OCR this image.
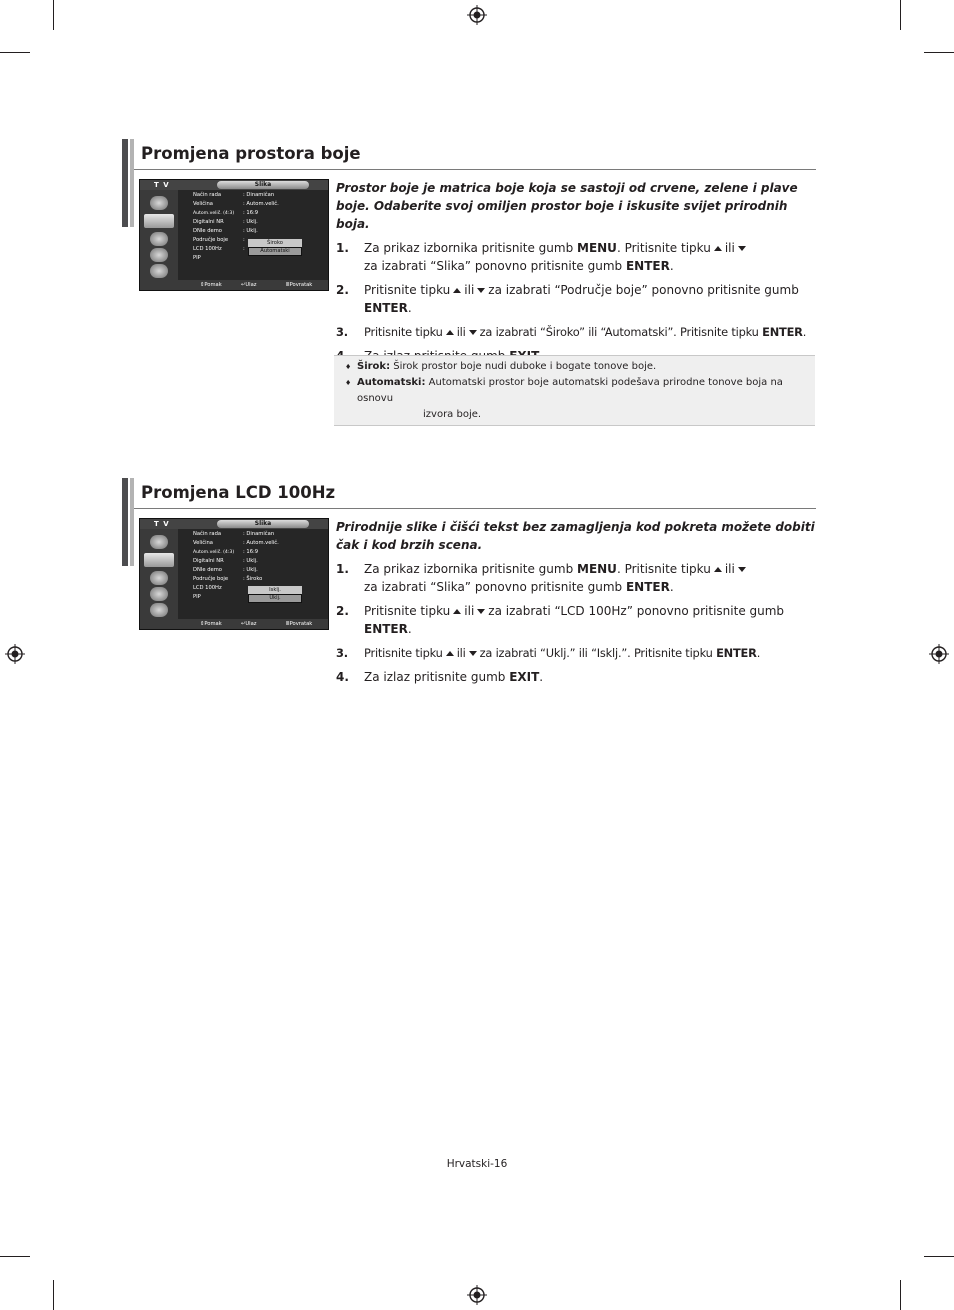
Promjena prostora boje
T V	Slika
Način rada	: Dinamičan
Veličina	: Autom.velič.
Autom.velič. (4:3) : 16:9
Digitalni NR	: Uklj.
DNIe demo	: Uklj.
Područje boje	:
LCD 100Hz	:
PIP
Široko
Automatski
⇕ Pomak	↵ Ulaz	Ⅲ Povratak

Prostor boje je matrica boje koja se sastoji od crvene, zelene i plave boje. Odaberite svoj omiljen prostor boje i iskusite svijet prirodnih boja.

1. Za prikaz izbornika pritisnite gumb MENU. Pritisnite tipku ili
za izabrati “Slika” ponovno pritisnite gumb ENTER.
2. Pritisnite tipku ili za izabrati “Područje boje” ponovno pritisnite gumb
ENTER.
3. Pritisnite tipku ili za izabrati “Široko” ili “Automatski”. Pritisnite tipku ENTER.
♦ Širok: Širok prostor boje nudi duboke i bogate tonove boje.
♦ Automatski: Automatski prostor boje automatski podešava prirodne tonove boja na osnovu
izvora boje.
Promjena LCD 100Hz
T V	Slika
Način rada	: Dinamičan
Veličina	: Autom.velič.
Autom.velič. (4:3) : 16:9
Digitalni NR	: Uklj.
DNIe demo	: Uklj.
Područje boje	: Široko
LCD 100Hz
PIP
Isklj.
Uklj.
⇕ Pomak	↵ Ulaz	Ⅲ Povratak

Prirodnije slike i čišći tekst bez zamagljenja kod pokreta možete dobiti čak i kod brzih scena.

1. Za prikaz izbornika pritisnite gumb MENU. Pritisnite tipku ili
za izabrati “Slika” ponovno pritisnite gumb ENTER.
2. Pritisnite tipku ili za izabrati “LCD 100Hz” ponovno pritisnite gumb
ENTER.
3. Pritisnite tipku ili za izabrati “Uklj.” ili “Isklj.”. Pritisnite tipku ENTER.
4. Za izlaz pritisnite gumb EXIT.
Hrvatski-16
